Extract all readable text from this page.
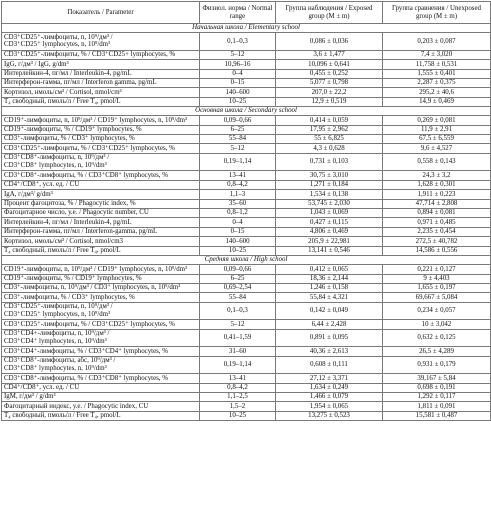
Показатель / Parameter	Физиол. норма / Normal range	Группа наблюдения / Exposed group (M ± m)	Группа сравнения / Unexposed group (M ± m)
Начальная школа / Elementary school			

CD3⁺CD25⁺-лимфоциты, n, 10⁹/дм³ /
CD3⁺CD25⁺ lymphocytes, n, 10⁹/dm³	0,1–0,3	0,086 ± 0,036	0,203 ± 0,087

CD3⁺CD25⁺-лимфоциты, % / CD3⁺CD25+ lymphocytes, %	5–12	3,6 ± 1,477	7,4 ± 3,020

IgG, г/дм³ / IgG, g/dm³	10,96–16	10,096 ± 0,641	11,758 ± 0,531

Интерлейкин-4, пг/мл / Interleukin-4, pg/mL	0–4	0,455 ± 0,252	1,555 ± 0,401

Интерферон-гамма, пг/мл / Interferon gamma, pg/mL	0–15	5,077 ± 0,798	2,287 ± 0,375

Кортизол, нмоль/см³ / Cortisol, nmol/cm³	140–600	207,0 ± 22,2	295,2 ± 40,6

T₄ свободный, пмоль/л / Free T₄, pmol/L	10–25	12,9 ± 0,519	14,9 ± 0,469
Основная школа / Secondary school			

CD19⁺-лимфоциты, n, 10⁹/дм³ / CD19⁺ lymphocytes, n, 10⁹/dm³	0,09–0,66	0,414 ± 0,059	0,269 ± 0,081

CD19⁺-лимфоциты, % / CD19⁺ lymphocytes, %	6–25	17,95 ± 2,962	11,9 ± 2,91

CD3⁺-лимфоциты, % / CD3⁺ lymphocytes, %	55–84	55 ± 6,825	67,5 ± 6,559

CD3⁺CD25⁺-лимфоциты, % / CD3⁺CD25⁺ lymphocytes, %	5–12	4,3 ± 0,628	9,6 ± 4,527

CD3⁺CD8⁺-лимфоциты, n, 10⁹/дм³ /
CD3⁺CD8⁺ lymphocytes, n, 10⁹/dm³	0,19–1,14	0,731 ± 0,103	0,558 ± 0,143

CD3⁺CD8⁺-лимфоциты, % / CD3⁺CD8⁺ lymphocytes, %	13–41	30,75 ± 3,010	24,3 ± 3,2

CD4⁺/CD8⁺, усл. ед. / CU	0,8–4,2	1,271 ± 0,184	1,628 ± 0,301

IgA, г/дм³/ g/dm³	1,1–3	1,534 ± 0,138	1,911 ± 0,223

Процент фагоцитоза, % / Phagocytic index, %	35–60	53,745 ± 2,030	47,714 ± 2,808

Фагоцитарное число, у.е. / Phagocytic number, CU	0,8–1,2	1,043 ± 0,069	0,894 ± 0,081

Интерлейкин-4, пг/мл / Interleukin-4, pg/mL	0–4	0,427 ± 0,115	0,971 ± 0,485

Интерферон-гамма, пг/мл / Interferon-gamma, pg/mL	0–15	4,806 ± 0,469	2,235 ± 0,454

Кортизол, нмоль/см³ / Cortisol, nmol/cm3	140–600	205,9 ± 22,981	272,5 ± 40,782

T₄ свободный, пмоль/л / Free T₄, pmol/L	10–25	13,141 ± 0,546	14,586 ± 0,556
Средняя школа / High school			

CD19⁺-лимфоциты, n, 10⁹/дм³ / CD19⁺ lymphocytes, n, 10⁹/dm³	0,09–0,66	0,412 ± 0,065	0,221 ± 0,127

CD19⁺-лимфоциты, % / CD19⁺ lymphocytes, %	6–25	18,36 ± 2,144	9 ± 4,403

CD3⁺-лимфоциты, n, 10⁹/дм³ / CD3⁺ lymphocytes, n, 10⁹/dm³	0,69–2,54	1,246 ± 0,158	1,655 ± 0,197

CD3⁺-лимфоциты, % / CD3⁺ lymphocytes, %	55–84	55,84 ± 4,321	69,667 ± 5,084

CD3⁺CD25⁺-лимфоциты, n, 10⁹/дм³ /
CD3⁺CD25⁺ lymphocytes, n, 10⁹/dm³	0,1–0,3	0,142 ± 0,049	0,234 ± 0,057

CD3⁺CD25⁺-лимфоциты, % / CD3⁺CD25⁺ lymphocytes, %	5–12	6,44 ± 2,428	10 ± 3,042

CD3⁺CD4+-лимфоциты, n, 10⁹/дм³ /
CD3⁺CD4⁺ lymphocytes, n, 10⁹/dm³	0,41–1,59	0,891 ± 0,095	0,632 ± 0,125

CD3⁺CD4⁺-лимфоциты, % / CD3⁺CD4⁺ lymphocytes, %	31–60	40,36 ± 2,613	26,5 ± 4,289

CD3⁺CD8⁺-лимфоциты, абс, 10⁹/дм³ /
CD3⁺CD8⁺ lymphocytes, n, 10⁹/dm³	0,19–1,14	0,608 ± 0,111	0,931 ± 0,179

CD3⁺CD8⁺-лимфоциты, % / CD3⁺CD8⁺ lymphocytes, %	13–41	27,12 ± 3,371	39,167 ± 5,84

CD4⁺/CD8⁺, усл. ед. / CU	0,8–4,2	1,634 ± 0,249	0,698 ± 0,191

IgM, г/дм³ / g/dm³	1,1–2,5	1,466 ± 0,079	1,292 ± 0,117

Фагоцитарный индекс, у.е. / Phagocytic index, CU	1,5–2	1,954 ± 0,065	1,811 ± 0,091

T₄ свободный, пмоль/л / Free T₄, pmol/L	10–25	13,275 ± 0,523	15,581 ± 0,487
